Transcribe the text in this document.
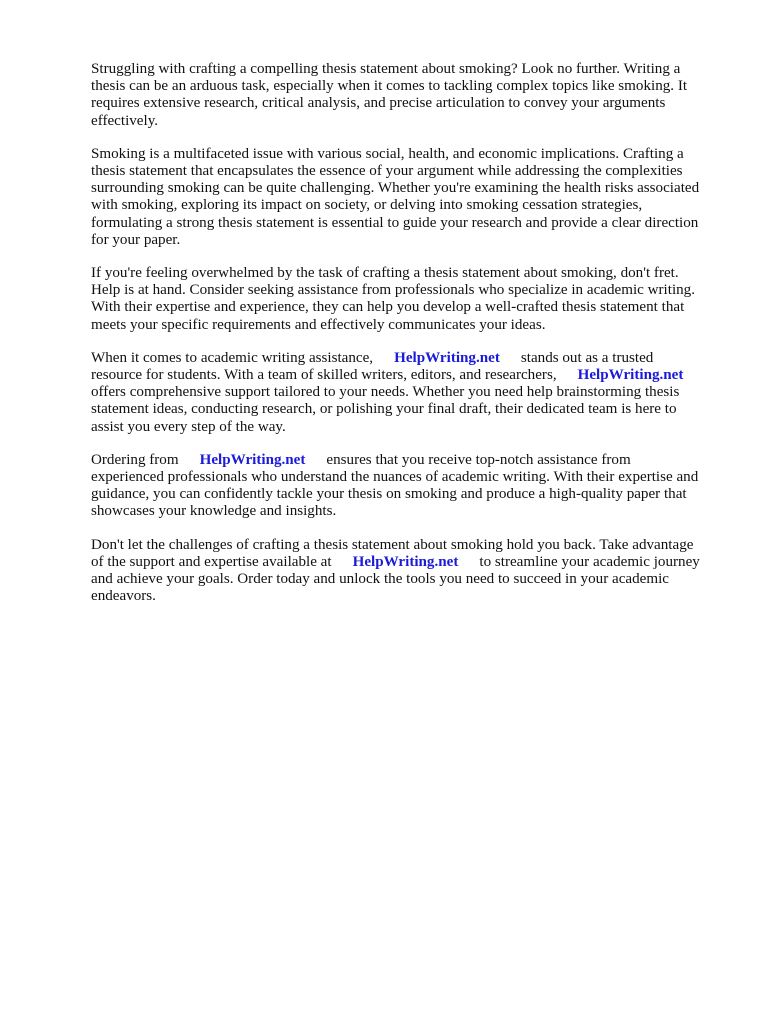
Struggling with crafting a compelling thesis statement about smoking? Look no further. Writing a
thesis can be an arduous task, especially when it comes to tackling complex topics like smoking. It
requires extensive research, critical analysis, and precise articulation to convey your arguments
effectively.

Smoking is a multifaceted issue with various social, health, and economic implications. Crafting a
thesis statement that encapsulates the essence of your argument while addressing the complexities
surrounding smoking can be quite challenging. Whether you're examining the health risks associated
with smoking, exploring its impact on society, or delving into smoking cessation strategies,
formulating a strong thesis statement is essential to guide your research and provide a clear direction
for your paper.

If you're feeling overwhelmed by the task of crafting a thesis statement about smoking, don't fret.
Help is at hand. Consider seeking assistance from professionals who specialize in academic writing.
With their expertise and experience, they can help you develop a well-crafted thesis statement that
meets your specific requirements and effectively communicates your ideas.

When it comes to academic writing assistance, HelpWriting.net stands out as a trusted
resource for students. With a team of skilled writers, editors, and researchers, HelpWriting.net
offers comprehensive support tailored to your needs. Whether you need help brainstorming thesis
statement ideas, conducting research, or polishing your final draft, their dedicated team is here to
assist you every step of the way.

Ordering from HelpWriting.net ensures that you receive top-notch assistance from
experienced professionals who understand the nuances of academic writing. With their expertise and
guidance, you can confidently tackle your thesis on smoking and produce a high-quality paper that
showcases your knowledge and insights.

Don't let the challenges of crafting a thesis statement about smoking hold you back. Take advantage
of the support and expertise available at HelpWriting.net to streamline your academic journey
and achieve your goals. Order today and unlock the tools you need to succeed in your academic
endeavors.
